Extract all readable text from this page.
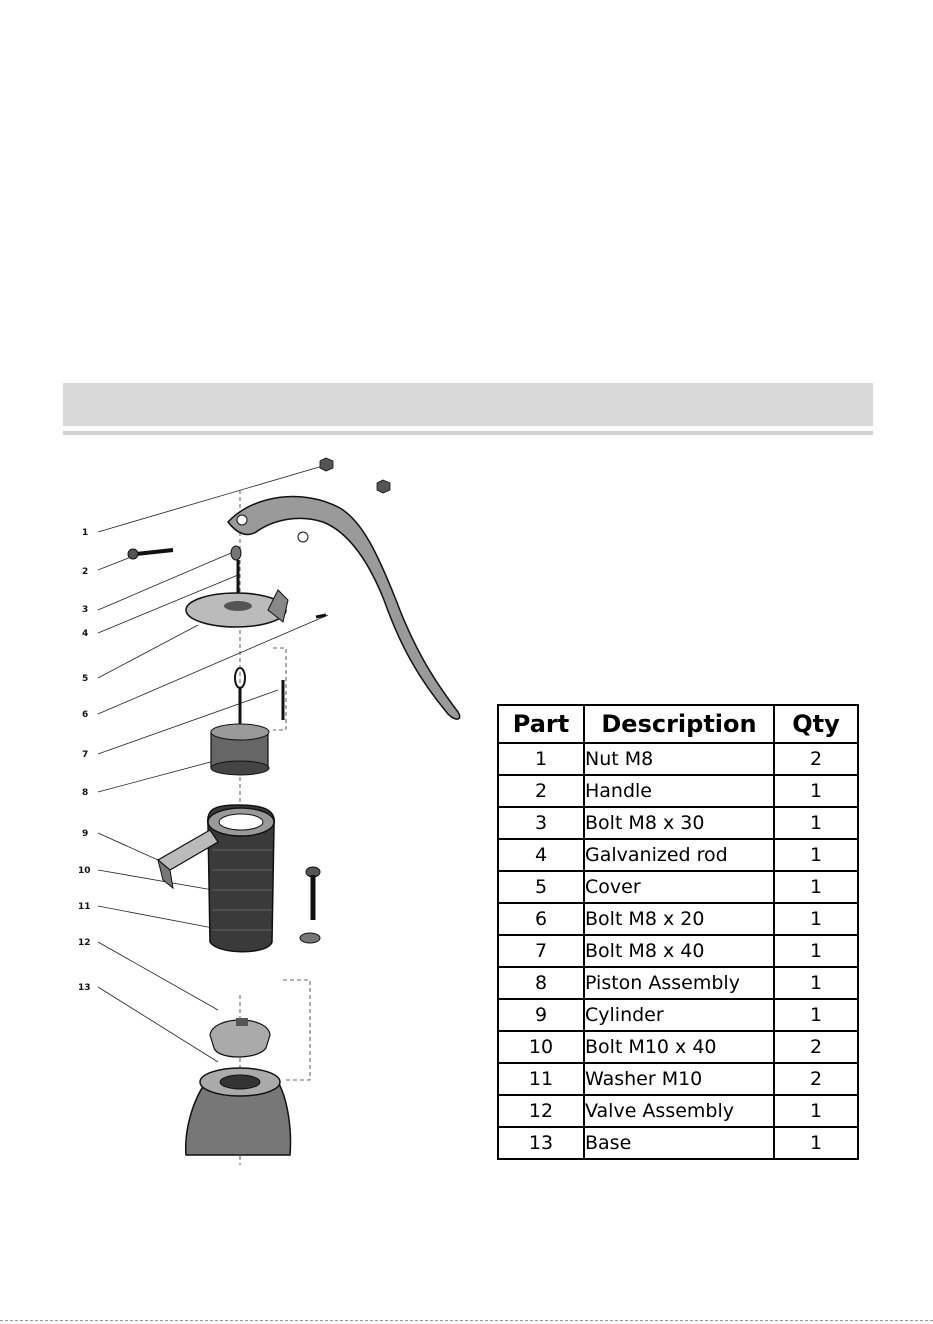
1
2
3
4
5
6
7
8
9
10
11
12
13
Part	Description	Qty
1	Nut M8	2
2	Handle	1
3	Bolt M8 x 30	1
4	Galvanized rod	1
5	Cover	1
6	Bolt M8 x 20	1
7	Bolt M8 x 40	1
8	Piston Assembly	1
9	Cylinder	1
10	Bolt M10 x 40	2
11	Washer M10	2
12	Valve Assembly	1
13	Base	1
